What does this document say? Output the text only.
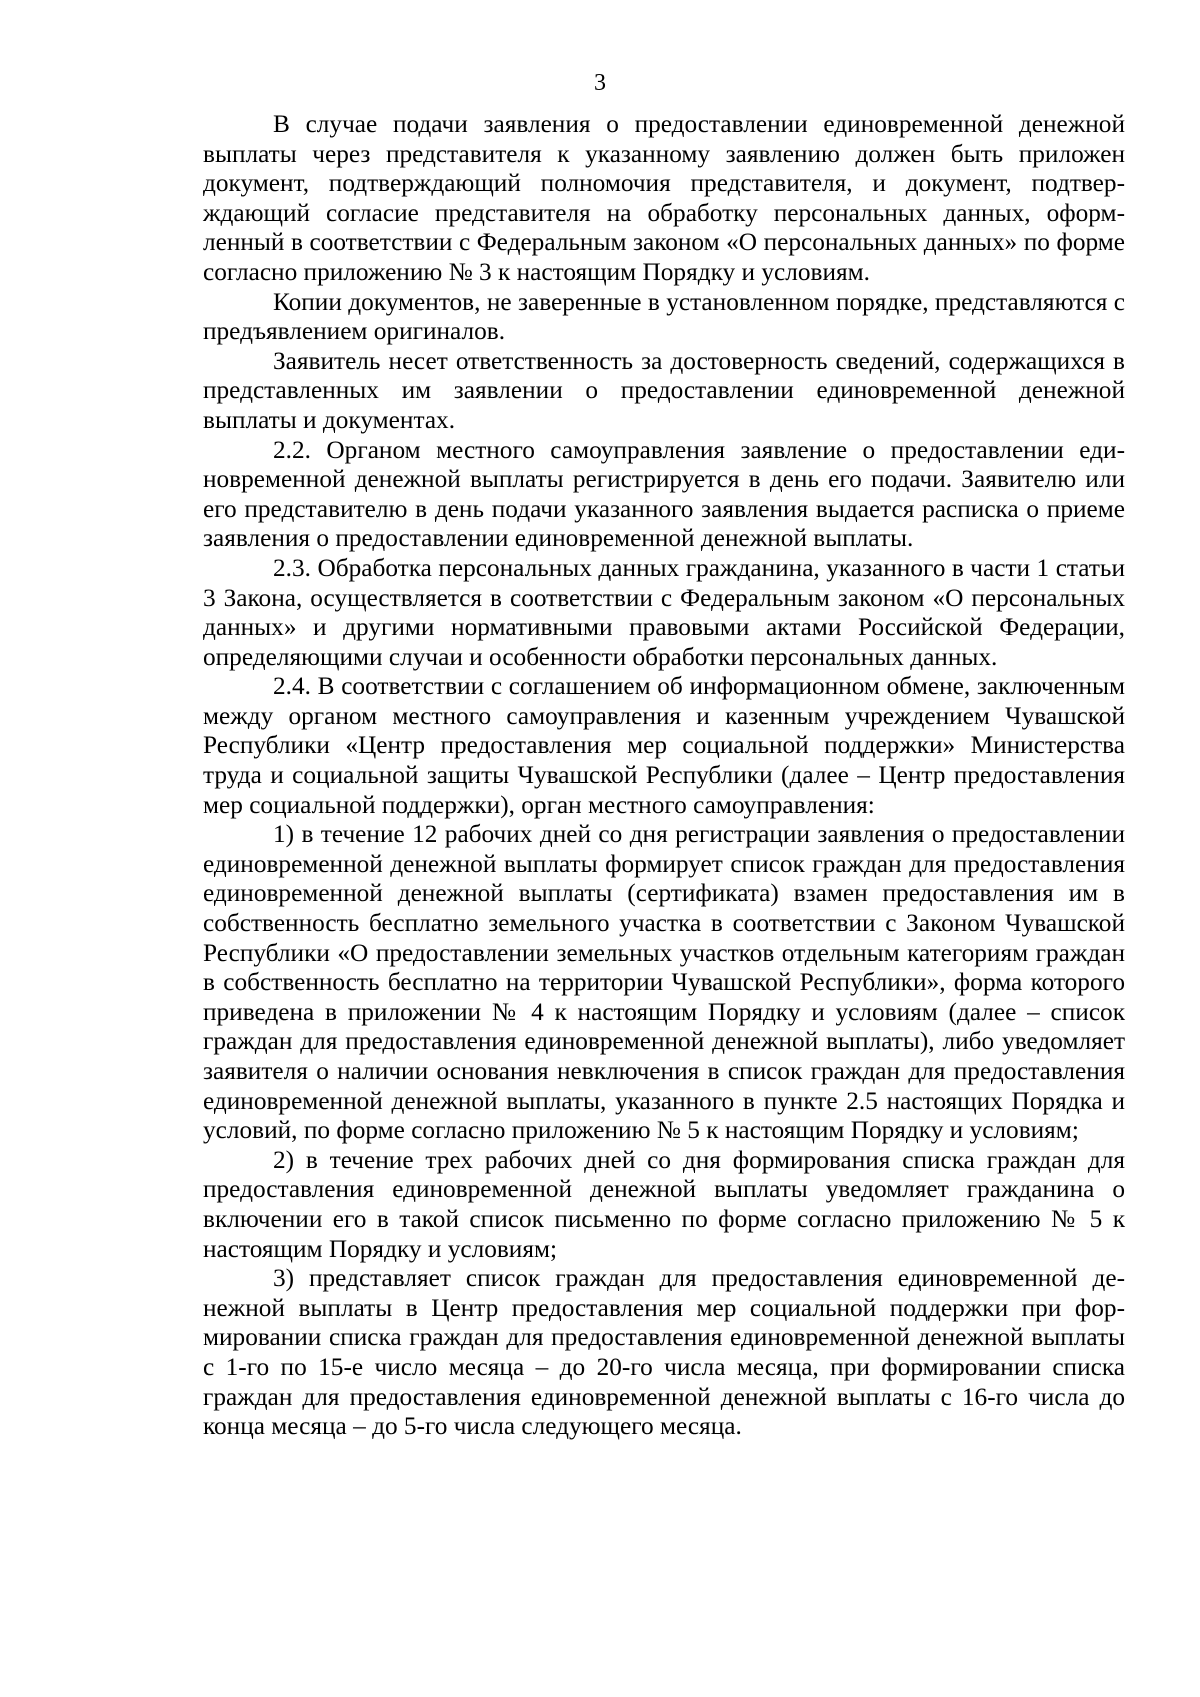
3

В случае подачи заявления о предоставлении единовременной денежной выплаты через представителя к указанному заявлению должен быть приложен документ, подтверждающий полномочия представителя, и документ, подтверждающий согласие представителя на обработку персональных данных, оформленный в соответствии с Федеральным законом «О персональных данных» по форме согласно приложению № 3 к настоящим Порядку и условиям.

Копии документов, не заверенные в установленном порядке, представляются с предъявлением оригиналов.

Заявитель несет ответственность за достоверность сведений, содержащихся в представленных им заявлении о предоставлении единовременной денежной выплаты и документах.

2.2. Органом местного самоуправления заявление о предоставлении единовременной денежной выплаты регистрируется в день его подачи. Заявителю или его представителю в день подачи указанного заявления выдается расписка о приеме заявления о предоставлении единовременной денежной выплаты.

2.3. Обработка персональных данных гражданина, указанного в части 1 статьи 3 Закона, осуществляется в соответствии с Федеральным законом «О персональных данных» и другими нормативными правовыми актами Российской Федерации, определяющими случаи и особенности обработки персональных данных.

2.4. В соответствии с соглашением об информационном обмене, заключенным между органом местного самоуправления и казенным учреждением Чувашской Республики «Центр предоставления мер социальной поддержки» Министерства труда и социальной защиты Чувашской Республики (далее – Центр предоставления мер социальной поддержки), орган местного самоуправления:

1) в течение 12 рабочих дней со дня регистрации заявления о предоставлении единовременной денежной выплаты формирует список граждан для предоставления единовременной денежной выплаты (сертификата) взамен предоставления им в собственность бесплатно земельного участка в соответствии с Законом Чувашской Республики «О предоставлении земельных участков отдельным категориям граждан в собственность бесплатно на территории Чувашской Республики», форма которого приведена в приложении № 4 к настоящим Порядку и условиям (далее – список граждан для предоставления единовременной денежной выплаты), либо уведомляет заявителя о наличии основания невключения в список граждан для предоставления единовременной денежной выплаты, указанного в пункте 2.5 настоящих Порядка и условий, по форме согласно приложению № 5 к настоящим Порядку и условиям;

2) в течение трех рабочих дней со дня формирования списка граждан для предоставления единовременной денежной выплаты уведомляет гражданина о включении его в такой список письменно по форме согласно приложению № 5 к настоящим Порядку и условиям;

3) представляет список граждан для предоставления единовременной денежной выплаты в Центр предоставления мер социальной поддержки при формировании списка граждан для предоставления единовременной денежной выплаты с 1-го по 15-е число месяца – до 20-го числа месяца, при формировании списка граждан для предоставления единовременной денежной выплаты с 16-го числа до конца месяца – до 5-го числа следующего месяца.
